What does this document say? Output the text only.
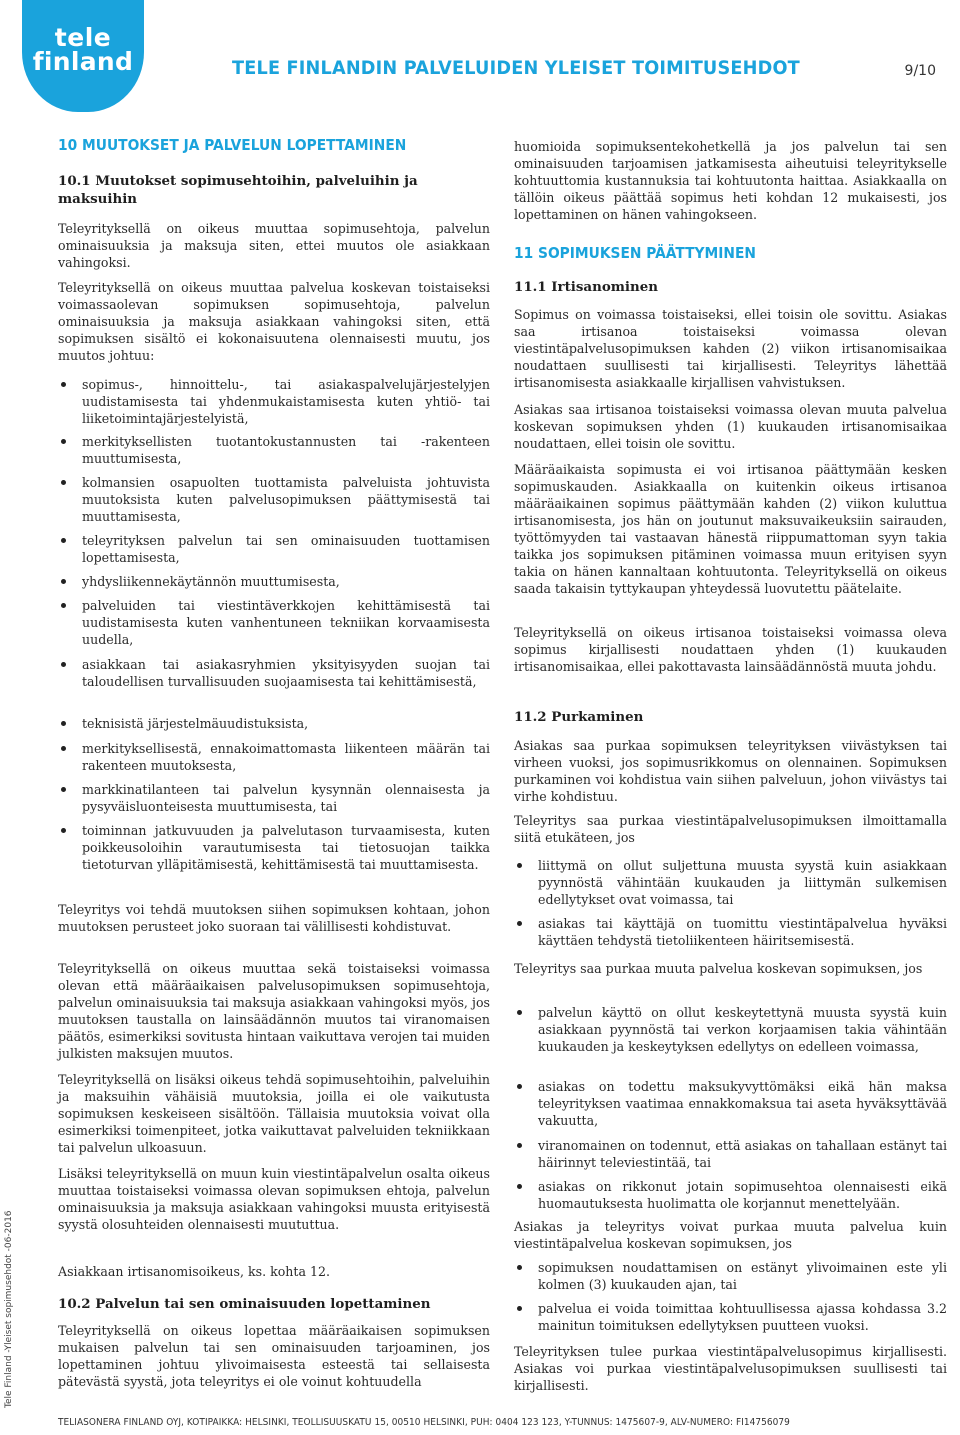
tele
finland	TELE FINLANDIN PALVELUIDEN YLEISET TOIMITUSEHDOT	9/10
Tele Finland -Yleiset sopimusehdot -06-2016
10 MUUTOKSET JA PALVELUN LOPETTAMINEN
10.1 Muutokset sopimusehtoihin, palveluihin ja maksuihin
Teleyrityksellä on oikeus muuttaa sopimusehtoja, palvelun ominaisuuksia ja maksuja siten, ettei muutos ole asiakkaan vahingoksi.
Teleyrityksellä on oikeus muuttaa palvelua koskevan toistaiseksi voimassaolevan sopimuksen sopimusehtoja, palvelun ominaisuuksia ja maksuja asiakkaan vahingoksi siten, että sopimuksen sisältö ei kokonaisuutena olennaisesti muutu, jos muutos johtuu:
sopimus-, hinnoittelu-, tai asiakaspalvelujärjestelyjen uudistamisesta tai yhdenmukaistamisesta kuten yhtiö- tai liiketoimintajärjestelyistä,
merkityksellisten tuotantokustannusten tai -rakenteen muuttumisesta,
kolmansien osapuolten tuottamista palveluista johtuvista muutoksista kuten palvelusopimuksen päättymisestä tai muuttamisesta,
teleyrityksen palvelun tai sen ominaisuuden tuottamisen lopettamisesta,
yhdysliikennekäytännön muuttumisesta,
palveluiden tai viestintäverkkojen kehittämisestä tai uudistamisesta kuten vanhentuneen tekniikan korvaamisesta uudella,
asiakkaan tai asiakasryhmien yksityisyyden suojan tai taloudellisen turvallisuuden suojaamisesta tai kehittämisestä,
teknisistä järjestelmäuudistuksista,
merkityksellisestä, ennakoimattomasta liikenteen määrän tai rakenteen muutoksesta,
markkinatilanteen tai palvelun kysynnän olennaisesta ja pysyväisluonteisesta muuttumisesta, tai
toiminnan jatkuvuuden ja palvelutason turvaamisesta, kuten poikkeusoloihin varautumisesta tai tietosuojan taikka tietoturvan ylläpitämisestä, kehittämisestä tai muuttamisesta.
Teleyritys voi tehdä muutoksen siihen sopimuksen kohtaan, johon muutoksen perusteet joko suoraan tai välillisesti kohdistuvat.
Teleyrityksellä on oikeus muuttaa sekä toistaiseksi voimassa olevan että määräaikaisen palvelusopimuksen sopimusehtoja, palvelun ominaisuuksia tai maksuja asiakkaan vahingoksi myös, jos muutoksen taustalla on lainsäädännön muutos tai viranomaisen päätös, esimerkiksi sovitusta hintaan vaikuttava verojen tai muiden julkisten maksujen muutos.
Teleyrityksellä on lisäksi oikeus tehdä sopimusehtoihin, palveluihin ja maksuihin vähäisiä muutoksia, joilla ei ole vaikutusta sopimuksen keskeiseen sisältöön. Tällaisia muutoksia voivat olla esimerkiksi toimenpiteet, jotka vaikuttavat palveluiden tekniikkaan tai palvelun ulkoasuun.
Lisäksi teleyrityksellä on muun kuin viestintäpalvelun osalta oikeus muuttaa toistaiseksi voimassa olevan sopimuksen ehtoja, palvelun ominaisuuksia ja maksuja asiakkaan vahingoksi muusta erityisestä syystä olosuhteiden olennaisesti muututtua.
Asiakkaan irtisanomisoikeus, ks. kohta 12.
10.2 Palvelun tai sen ominaisuuden lopettaminen
Teleyrityksellä on oikeus lopettaa määräaikaisen sopimuksen mukaisen palvelun tai sen ominaisuuden tarjoaminen, jos lopettaminen johtuu ylivoimaisesta esteestä tai sellaisesta pätevästä syystä, jota teleyritys ei ole voinut kohtuudella
huomioida sopimuksentekohetkellä ja jos palvelun tai sen ominaisuuden tarjoamisen jatkamisesta aiheutuisi teleyritykselle kohtuuttomia kustannuksia tai kohtuutonta haittaa. Asiakkaalla on tällöin oikeus päättää sopimus heti kohdan 12 mukaisesti, jos lopettaminen on hänen vahingokseen.
11 SOPIMUKSEN PÄÄTTYMINEN
11.1 Irtisanominen
Sopimus on voimassa toistaiseksi, ellei toisin ole sovittu. Asiakas saa irtisanoa toistaiseksi voimassa olevan viestintäpalvelusopimuksen kahden (2) viikon irtisanomisaikaa noudattaen suullisesti tai kirjallisesti. Teleyritys lähettää irtisanomisesta asiakkaalle kirjallisen vahvistuksen.
Asiakas saa irtisanoa toistaiseksi voimassa olevan muuta palvelua koskevan sopimuksen yhden (1) kuukauden irtisanomisaikaa noudattaen, ellei toisin ole sovittu.
Määräaikaista sopimusta ei voi irtisanoa päättymään kesken sopimuskauden. Asiakkaalla on kuitenkin oikeus irtisanoa määräaikainen sopimus päättymään kahden (2) viikon kuluttua irtisanomisesta, jos hän on joutunut maksuvaikeuksiin sairauden, työttömyyden tai vastaavan hänestä riippumattoman syyn takia taikka jos sopimuksen pitäminen voimassa muun erityisen syyn takia on hänen kannaltaan kohtuutonta. Teleyrityksellä on oikeus saada takaisin tyttykaupan yhteydessä luovutettu päätelaite.
Teleyrityksellä on oikeus irtisanoa toistaiseksi voimassa oleva sopimus kirjallisesti noudattaen yhden (1) kuukauden irtisanomisaikaa, ellei pakottavasta lainsäädännöstä muuta johdu.
11.2 Purkaminen
Asiakas saa purkaa sopimuksen teleyrityksen viivästyksen tai virheen vuoksi, jos sopimusrikkomus on olennainen. Sopimuksen purkaminen voi kohdistua vain siihen palveluun, johon viivästys tai virhe kohdistuu.
Teleyritys saa purkaa viestintäpalvelusopimuksen ilmoittamalla siitä etukäteen, jos
liittymä on ollut suljettuna muusta syystä kuin asiakkaan pyynnöstä vähintään kuukauden ja liittymän sulkemisen edellytykset ovat voimassa, tai
asiakas tai käyttäjä on tuomittu viestintäpalvelua hyväksi käyttäen tehdystä tietoliikenteen häiritsemisestä.
Teleyritys saa purkaa muuta palvelua koskevan sopimuksen, jos
palvelun käyttö on ollut keskeytettynä muusta syystä kuin asiakkaan pyynnöstä tai verkon korjaamisen takia vähintään kuukauden ja keskeytyksen edellytys on edelleen voimassa,
asiakas on todettu maksukyvyttömäksi eikä hän maksa teleyrityksen vaatimaa ennakkomaksua tai aseta hyväksyttävää vakuutta,
viranomainen on todennut, että asiakas on tahallaan estänyt tai häirinnyt televiestintää, tai
asiakas on rikkonut jotain sopimusehtoa olennaisesti eikä huomautuksesta huolimatta ole korjannut menettelyään.
Asiakas ja teleyritys voivat purkaa muuta palvelua kuin viestintäpalvelua koskevan sopimuksen, jos
sopimuksen noudattamisen on estänyt ylivoimainen este yli kolmen (3) kuukauden ajan, tai
palvelua ei voida toimittaa kohtuullisessa ajassa kohdassa 3.2 mainitun toimituksen edellytyksen puutteen vuoksi.
Teleyrityksen tulee purkaa viestintäpalvelusopimus kirjallisesti. Asiakas voi purkaa viestintäpalvelusopimuksen suullisesti tai kirjallisesti.
TELIASONERA FINLAND OYJ, KOTIPAIKKA: HELSINKI, TEOLLISUUSKATU 15, 00510 HELSINKI, PUH: 0404 123 123, Y-TUNNUS: 1475607-9, ALV-NUMERO: FI14756079
